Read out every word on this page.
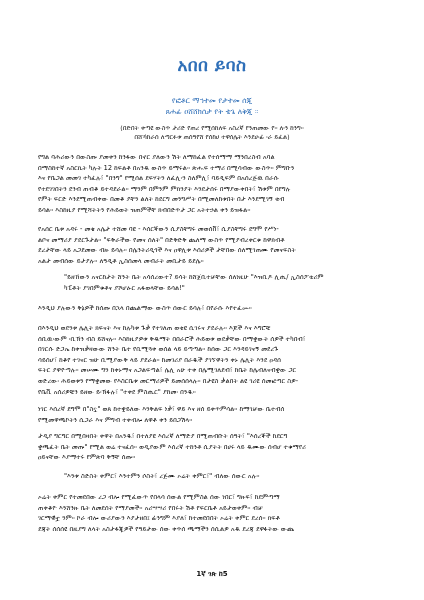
አበበ ይባስ
የፎቶር ማኅተመ የታተመ ሰጂ
ጸሐፊ ዐሸሸክሰታ የት ቴጌ ለቅጂ ።
(በድበት ቀጣዩ ውስጥ ታሪድ የጠረ የሚሰከለፍ አስረኛ የንጠመው የ፡፡ ለ፡ን ከንግ።
በሸኻከራሰ ለጣርፉቱ ጠሰዓየሸ የሰከሀ ተዋሰሌት እንደሀ፡ፊ ፡ራ ይፈል)
የግል ባሕሪውን በውስጡ ያመቀን ከንፋው በኖር ያለውን ሽት ለማከፈል የተሰማማ ማንበረስብ አባል
በማስከተኛ አስርኪት ካሉት 12 ከፍልቶ በአንዱ ውስጥ ይማሩል። ጽሑፍ ተማሪ በሚሳብው ውስጥ። ምግቡን
እና የቤጋል መመገ ተካፈሉ፣ "በንግ" የሚሰል ደፍሃትን ለፈሊ፡ን ስለምሊ፣ ባይዲፍም በአሰረጅዉ በራሱ
የተደገገበትን ደንብ ጠብቆ ይተዳደራል። ማንም በምንም ምክንያት እንደታሰሩ በማያውቀበት፣ ሽቱም በየግሉ
የምት ፍርድ እንደሚጠብቀው በመቆ ያቸን ልለት ከደርግ መንግሥት በሚመለከቱበት በታ እንደሚገኝ ቂብ
ይሳል። እስከዚያ የሚሻትትን የሕይወት ዝጠምችቸ ክብበድጥታ ጋር አትተኃል ቀን ይዝፋል።
የአሰር ቤቱ አዳሩ - መቄ አሌታ ተሸመ ባዩ - እሰርኞውን ሲያስቸግሩ መወሰቨ፣ ሲያስቸግሩ ደግሞ የሥነ-
ልቦና መማሪያ ያደርጉታል። "ፍቅራችው የመና ሰለት" በድቅድቅ ጨለማ ውስጥ የሚያብረቀርቁ ከዋክብቶ
ደረታቸው ላይ አጋደመው ብዙ ይሳሉ። በሌንትሪዲጎች እና ዐዋሊቱ እሰሪዎች ታቸበው ሰለሚገጠሙ የመናፍስት
አልታ መብሰው ይታያሉ። ለዓዲቶ ኢስሰመላ መብራት መቢታይ ይደሌ።
"ይዘኸውን አናርከታት ሸንት ቤት አሳሰረውተ? ይሳት ከሸጀቢተቻቸው ሰለነዚሁ "እዝቢዶ ሊጢ/ ኢስሰፖቴሪም
ካፒቶት ያገበምቁቶና ያሾሆፁር አፋወላቸው ይሳል!"
እንዲህ ያሉውን ቅኔዎች ከሰጡ በኋላ በጨልማው ውስጥ ሰውር ይሳሉ፣ በየራሱ እየተፈሡ።
በእንዲህ ወደንቱ ሌሊት ክፍናት እና ከሉካቱ ጉቃ የተገለጠ ወቂዩ ሲገሩና ያደራሉ። እጆች እና እግሮቹ
ሰቢዉ፡ውም ፡ቢኽን ብስ ይሸናሉ። እስከዚያዎቱ ቅዱማት በበራሮች ሕይወቱ ወደቃቸው በማቋውት ሰዎች ተካበብ፣
በገርሱ ድጋኤ ከቀዝቃዛውው ሸንት ቤተ የቢሚጓቀ ወሰል ላይ ይጣጣል። ከሰው ጋር እንዳይገናኝ መደረጉ
ሳይሰሆ፣ ከቆየ ተገናር ዝሁ ቢሚያውቅ ላይ ያደራል። ከመገሪያ በራዱች ያገኘዋትን ቀኑ ሌሊት እንደ ዐዳሰ
ፍትር ያዋዮጣሉ። መሠሙ ግን ከቀኑማና አጋልፍጣል፣ ሌሊ አሁ ተቀ በሌሚገለደብ፣ ከቤት ከሌብለናብቋው ጋር
ወድረው፡ ሕይወቱን የማቋመው የእስርቤቱ መርማሪዎች ይመሰሰላሉ። በታዩስ ቃልበት ልዩ ገሪዩ ሰመፎጣር ስዎ-
የቤቪ አሰሪዎቹን ይዘው ይ፡ኽፋሉ፣ "ተቀደ ምስጢር" ያከመ፡ በንዱ።
ነገር እሰረኛ ደግሞ በ"ስኗ" ወጸ ከተቋይለው እንቅልፍ ነቃ፣ ዋይ እና ዘሰ ይቀጥምሳል። ከማገቻው ቤተብሰ
የሚመዋጫኮትን ሲጋራ እና ምግብ ተቀብሎ ለዋቶ ቀን ይበጋሽላ።
ታዲያ ግርግር በሚበዛበት ቀዋት በአንዱ፣ በተለያዩ እሰረኛ ለማድያ በሚጠብቡት ሰዓት፣ "እሰረኞች ከደርግ
ቋጫፈት ቤት መጡ" የሚል ወሬ ተናፈሰ። ወዲያውም እሰረኛ ተከንቶ ሲያትት በሀሩ ላይ ዱሙው ሰብሆ ተቁማየሪ
ዐይናቸው እያማተሩ የምጽባ ቅኝቸ ሰጡ።
"እንቱ ስድስት ቀምር፣ እንተምን ሶስት፣ ረጅሙ ኦሬት ቀምር፣" ብለው ሰውር አሉ።
ኦሬት ቀምር የተመደበው ረጋ ብሎ የሚፈውጥ የበላሳ ሰውል የሚምስል ሰው ነበር፣ ግዙፍ፣ ከደምጣማ
ጠቀቆዮ እንሸንዙ ቤት ለመደሰት የማያመች። አሪሣሣሪ የበሩት ሽቶ የፍርቤቶ አይታወቀም። ብቻ
ገርማዊቷ ንም። ኮራ ብሎ ውሪያውን እያታዘበ፤ ፊንግም እያለ፣ ከተመደበበት ኦሬት ቀምር ደረሰ። ክፍቶ
ደጃት ሰሰሰዩ በዚያግ ለላት አስታፋጂዎች የዓይታው ሰው ቀጥሰ ጫማችን ሰሲልዎ አዱ ደረጃ ደዋፋትው ውጨ
1ኛ ገጽ ከ5
